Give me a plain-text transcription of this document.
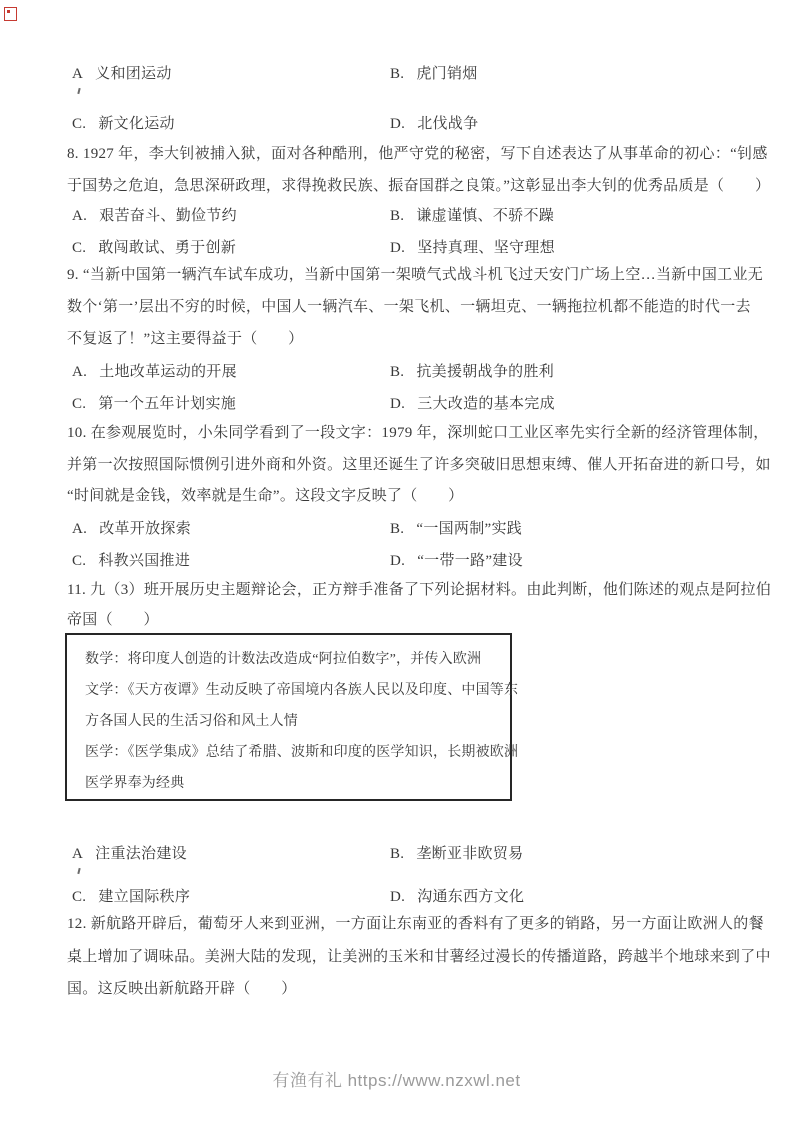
A 义和团运动	B. 虎门销烟
C. 新文化运动	D. 北伐战争
8. 1927 年，李大钊被捕入狱，面对各种酷刑，他严守党的秘密，写下自述表达了从事革命的初心：“钊感
于国势之危迫，急思深研政理，求得挽救民族、振奋国群之良策。”这彰显出李大钊的优秀品质是（　　）
A. 艰苦奋斗、勤俭节约	B. 谦虚谨慎、不骄不躁
C. 敢闯敢试、勇于创新	D. 坚持真理、坚守理想
9. “当新中国第一辆汽车试车成功，当新中国第一架喷气式战斗机飞过天安门广场上空…当新中国工业无
数个‘第一’层出不穷的时候，中国人一辆汽车、一架飞机、一辆坦克、一辆拖拉机都不能造的时代一去
不复返了！”这主要得益于（　　）
A. 土地改革运动的开展	B. 抗美援朝战争的胜利
C. 第一个五年计划实施	D. 三大改造的基本完成
10. 在参观展览时，小朱同学看到了一段文字：1979 年，深圳蛇口工业区率先实行全新的经济管理体制，
并第一次按照国际惯例引进外商和外资。这里还诞生了许多突破旧思想束缚、催人开拓奋进的新口号，如
“时间就是金钱，效率就是生命”。这段文字反映了（　　）
A. 改革开放探索	B. “一国两制”实践
C. 科教兴国推进	D. “一带一路”建设
11. 九（3）班开展历史主题辩论会，正方辩手准备了下列论据材料。由此判断，他们陈述的观点是阿拉伯
帝国（　　）
数学：将印度人创造的计数法改造成“阿拉伯数字”，并传入欧洲
文学：《天方夜谭》生动反映了帝国境内各族人民以及印度、中国等东
方各国人民的生活习俗和风土人情
医学：《医学集成》总结了希腊、波斯和印度的医学知识，长期被欧洲
医学界奉为经典
A 注重法治建设	B. 垄断亚非欧贸易
C. 建立国际秩序	D. 沟通东西方文化
12. 新航路开辟后，葡萄牙人来到亚洲，一方面让东南亚的香料有了更多的销路，另一方面让欧洲人的餐
桌上增加了调味品。美洲大陆的发现，让美洲的玉米和甘薯经过漫长的传播道路，跨越半个地球来到了中
国。这反映出新航路开辟（　　）
有渔有礼 https://www.nzxwl.net
